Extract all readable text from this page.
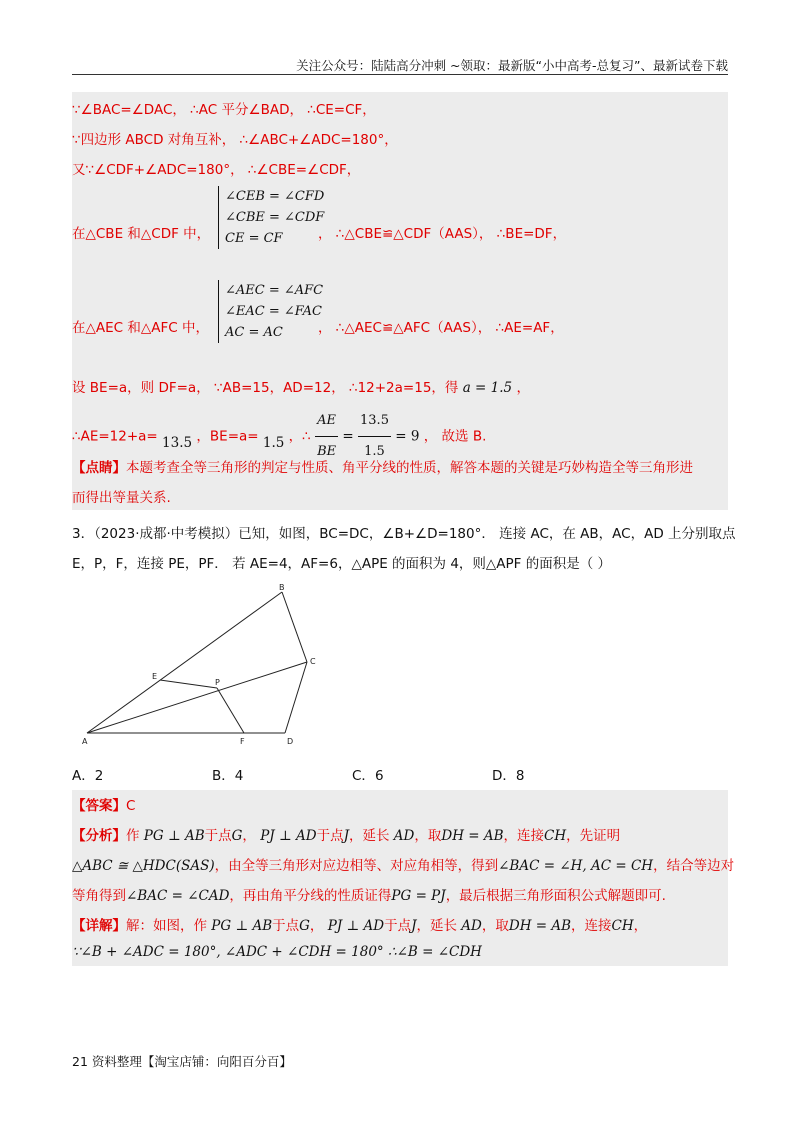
关注公众号：陆陆高分冲刺 ~领取：最新版“小中高考-总复习”、最新试卷下载
∵∠BAC=∠DAC， ∴AC 平分∠BAD， ∴CE=CF，
∵四边形 ABCD 对角互补， ∴∠ABC+∠ADC=180°，
又∵∠CDF+∠ADC=180°， ∴∠CBE=∠CDF，
∠CEB = ∠CFD
∠CBE = ∠CDF
CE = CF
在△CBE 和△CDF 中，	， ∴△CBE≌△CDF（AAS）， ∴BE=DF，
∠AEC = ∠AFC
∠EAC = ∠FAC
AC = AC
在△AEC 和△AFC 中，	， ∴△AEC≌△AFC（AAS）， ∴AE=AF，
设 BE=a，则 DF=a， ∵AB=15，AD=12， ∴12+2a=15，得 a = 1.5 ，
∴AE=12+a= 13.5 ，BE=a= 1.5 ，∴ $\frac{AE}{BE} = \frac{13.5}{1.5} = 9$ ， 故选 B.
【点睛】本题考查全等三角形的判定与性质、角平分线的性质，解答本题的关键是巧妙构造全等三角形进
而得出等量关系.
3．（2023·成都·中考模拟）已知，如图，BC=DC，∠B+∠D=180°． 连接 AC，在 AB，AC，AD 上分别取点
E，P，F，连接 PE，PF． 若 AE=4，AF=6，△APE 的面积为 4，则△APF 的面积是（ ）
A
B
C
D
E
P
F
A．2	B．4	C．6	D．8
【答案】C
【分析】作 PG ⊥ AB于点G， PJ ⊥ AD于点J，延长 AD，取DH = AB，连接CH，先证明
△ABC ≅ △HDC(SAS)，由全等三角形对应边相等、对应角相等，得到∠BAC = ∠H, AC = CH，结合等边对
等角得到∠BAC = ∠CAD，再由角平分线的性质证得PG = PJ，最后根据三角形面积公式解题即可.
【详解】解：如图，作 PG ⊥ AB于点G， PJ ⊥ AD于点J，延长 AD，取DH = AB，连接CH，
∵∠B + ∠ADC = 180°, ∠ADC + ∠CDH = 180° ∴∠B = ∠CDH
21 资料整理【淘宝店铺：向阳百分百】
